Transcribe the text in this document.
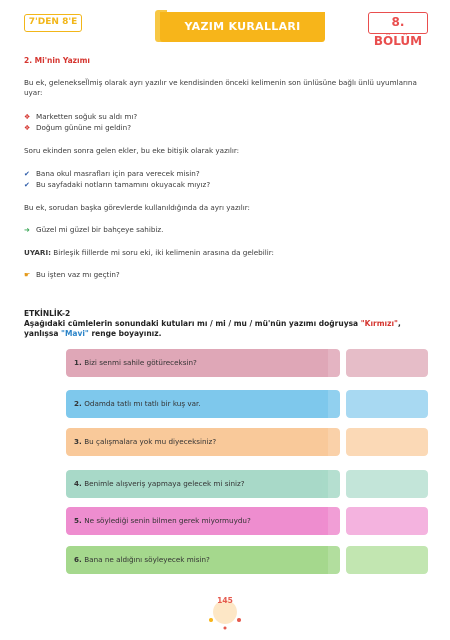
7'DEN 8'E	YAZIM KURALLARI	8. BÖLÜM
2. Mi'nin Yazımı
Bu ek, geleneksel̈lmiş olarak ayrı yazılır ve kendisinden önceki kelimenin son ünlüsüne bağlı ünlü uyumlarına uyar:
❖ Marketten soğuk su aldı mı?
❖ Doğum gününe mi geldin?
Soru ekinden sonra gelen ekler, bu eke bitişik olarak yazılır:
✔ Bana okul masrafları için para verecek misin?
✔ Bu sayfadaki notların tamamını okuyacak mıyız?
Bu ek, sorudan başka görevlerde kullanıldığında da ayrı yazılır:
➜ Güzel mi güzel bir bahçeye sahibiz.
UYARI: Birleşik fiillerde mi soru eki, iki kelimenin arasına da gelebilir:
☛ Bu işten vaz mı geçtin?
ETKİNLİK-2
Aşağıdaki cümlelerin sonundaki kutuları mı / mi / mu / mü'nün yazımı doğruysa "Kırmızı", yanlışsa "Mavi" renge boyayınız.
1. Bizi senmi sahile götüreceksin?
2. Odamda tatlı mı tatlı bir kuş var.
3. Bu çalışmalara yok mu diyeceksiniz?
4. Benimle alışveriş yapmaya gelecek mi siniz?
5. Ne söylediği senin bilmen gerek miyormuydu?
6. Bana ne aldığını söyleyecek misin?
145
